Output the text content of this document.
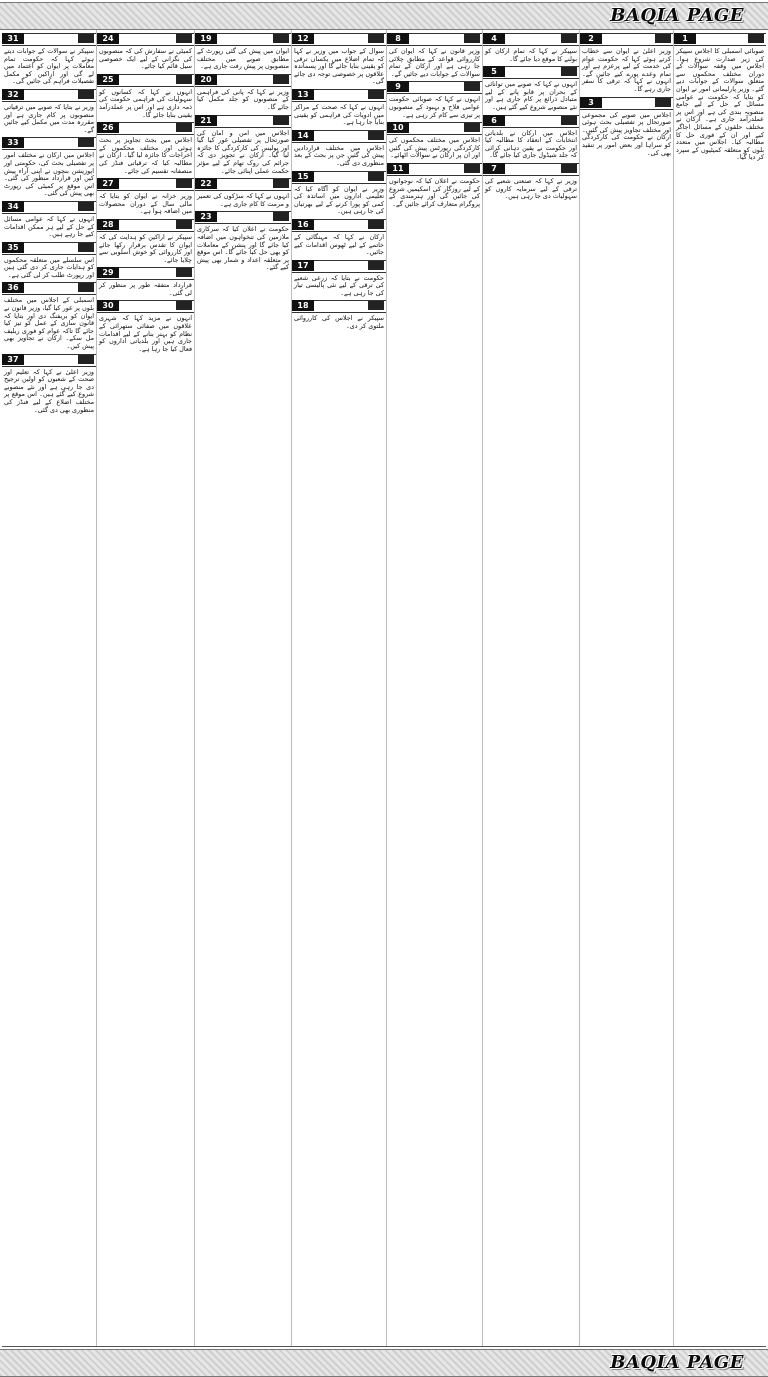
BAQIA PAGE
31
سپیکر نے سوالات کے جوابات دیتے ہوئے کہا کہ حکومت تمام معاملات پر ایوان کو اعتماد میں لے گی اور اراکین کو مکمل تفصیلات فراہم کی جائیں گی۔
32
وزیر نے بتایا کہ صوبے میں ترقیاتی منصوبوں پر کام جاری ہے اور مقررہ مدت میں مکمل کیے جائیں گے۔
33
اجلاس میں ارکان نے مختلف امور پر تفصیلی بحث کی، حکومتی اور اپوزیشن بنچوں نے اپنی آراء پیش کیں اور قرارداد منظور کی گئی۔ اس موقع پر کمیٹی کی رپورٹ بھی پیش کی گئی۔
34
انہوں نے کہا کہ عوامی مسائل کے حل کے لیے ہر ممکن اقدامات کیے جا رہے ہیں۔
35
اس سلسلے میں متعلقہ محکموں کو ہدایات جاری کر دی گئی ہیں اور رپورٹ طلب کر لی گئی ہے۔
36
اسمبلی کے اجلاس میں مختلف بلوں پر غور کیا گیا، وزیر قانون نے ایوان کو بریفنگ دی اور بتایا کہ قانون سازی کے عمل کو تیز کیا جائے گا تاکہ عوام کو فوری ریلیف مل سکے۔ ارکان نے تجاویز بھی پیش کیں۔
37
وزیر اعلیٰ نے کہا کہ تعلیم اور صحت کے شعبوں کو اولین ترجیح دی جا رہی ہے اور نئے منصوبے شروع کیے گئے ہیں۔ اس موقع پر مختلف اضلاع کے لیے فنڈز کی منظوری بھی دی گئی۔
24
کمیٹی نے سفارش کی کہ منصوبوں کی نگرانی کے لیے ایک خصوصی سیل قائم کیا جائے۔
25
انہوں نے کہا کہ کسانوں کو سہولیات کی فراہمی حکومت کی ذمہ داری ہے اور اس پر عملدرآمد یقینی بنایا جائے گا۔
26
اجلاس میں بجٹ تجاویز پر بحث ہوئی اور مختلف محکموں کے اخراجات کا جائزہ لیا گیا۔ ارکان نے مطالبہ کیا کہ ترقیاتی فنڈز کی منصفانہ تقسیم کی جائے۔
27
وزیر خزانہ نے ایوان کو بتایا کہ مالی سال کے دوران محصولات میں اضافہ ہوا ہے۔
28
سپیکر نے اراکین کو ہدایت کی کہ ایوان کا تقدس برقرار رکھا جائے اور کارروائی کو خوش اسلوبی سے چلایا جائے۔
29
قرارداد متفقہ طور پر منظور کر لی گئی۔
30
انہوں نے مزید کہا کہ شہری علاقوں میں صفائی ستھرائی کے نظام کو بہتر بنانے کے لیے اقدامات جاری ہیں اور بلدیاتی اداروں کو فعال کیا جا رہا ہے۔
19
ایوان میں پیش کی گئی رپورٹ کے مطابق صوبے میں مختلف منصوبوں پر پیش رفت جاری ہے۔
20
وزیر نے کہا کہ پانی کی فراہمی کے منصوبوں کو جلد مکمل کیا جائے گا۔
21
اجلاس میں امن و امان کی صورتحال پر تفصیلی غور کیا گیا اور پولیس کی کارکردگی کا جائزہ لیا گیا۔ ارکان نے تجویز دی کہ جرائم کی روک تھام کے لیے مؤثر حکمت عملی اپنائی جائے۔
22
انہوں نے کہا کہ سڑکوں کی تعمیر و مرمت کا کام جاری ہے۔
23
حکومت نے اعلان کیا کہ سرکاری ملازمین کی تنخواہوں میں اضافہ کیا جائے گا اور پنشن کے معاملات کو بھی حل کیا جائے گا۔ اس موقع پر متعلقہ اعداد و شمار بھی پیش کیے گئے۔
12
سوال کے جواب میں وزیر نے کہا کہ تمام اضلاع میں یکساں ترقی کو یقینی بنایا جائے گا اور پسماندہ علاقوں پر خصوصی توجہ دی جائے گی۔
13
انہوں نے کہا کہ صحت کے مراکز میں ادویات کی فراہمی کو یقینی بنایا جا رہا ہے۔
14
اجلاس میں مختلف قراردادیں پیش کی گئیں جن پر بحث کے بعد منظوری دی گئی۔
15
وزیر نے ایوان کو آگاہ کیا کہ تعلیمی اداروں میں اساتذہ کی کمی کو پورا کرنے کے لیے بھرتیاں کی جا رہی ہیں۔
16
ارکان نے کہا کہ مہنگائی کے خاتمے کے لیے ٹھوس اقدامات کیے جائیں۔
17
حکومت نے بتایا کہ زرعی شعبے کی ترقی کے لیے نئی پالیسی تیار کی جا رہی ہے۔
18
سپیکر نے اجلاس کی کارروائی ملتوی کر دی۔
8
وزیر قانون نے کہا کہ ایوان کی کارروائی قواعد کے مطابق چلائی جا رہی ہے اور ارکان کے تمام سوالات کے جوابات دیے جائیں گے۔
9
انہوں نے کہا کہ صوبائی حکومت عوامی فلاح و بہبود کے منصوبوں پر تیزی سے کام کر رہی ہے۔
10
اجلاس میں مختلف محکموں کی کارکردگی رپورٹس پیش کی گئیں اور ان پر ارکان نے سوالات اٹھائے۔
11
حکومت نے اعلان کیا کہ نوجوانوں کے لیے روزگار کی اسکیمیں شروع کی جائیں گی اور ہنرمندی کے پروگرام متعارف کرائے جائیں گے۔
4
سپیکر نے کہا کہ تمام ارکان کو بولنے کا موقع دیا جائے گا۔
5
انہوں نے کہا کہ صوبے میں توانائی کے بحران پر قابو پانے کے لیے متبادل ذرائع پر کام جاری ہے اور نئے منصوبے شروع کیے گئے ہیں۔
6
اجلاس میں ارکان نے بلدیاتی انتخابات کے انعقاد کا مطالبہ کیا اور حکومت نے یقین دہانی کرائی کہ جلد شیڈول جاری کیا جائے گا۔
7
وزیر نے کہا کہ صنعتی شعبے کی ترقی کے لیے سرمایہ کاروں کو سہولیات دی جا رہی ہیں۔
2
وزیر اعلیٰ نے ایوان سے خطاب کرتے ہوئے کہا کہ حکومت عوام کی خدمت کے لیے پرعزم ہے اور تمام وعدے پورے کیے جائیں گے۔ انہوں نے کہا کہ ترقی کا سفر جاری رہے گا۔
3
اجلاس میں صوبے کی مجموعی صورتحال پر تفصیلی بحث ہوئی اور مختلف تجاویز پیش کی گئیں۔ ارکان نے حکومت کی کارکردگی کو سراہا اور بعض امور پر تنقید بھی کی۔
1
صوبائی اسمبلی کا اجلاس سپیکر کی زیر صدارت شروع ہوا۔ اجلاس میں وقفہ سوالات کے دوران مختلف محکموں سے متعلق سوالات کے جوابات دیے گئے۔ وزیر پارلیمانی امور نے ایوان کو بتایا کہ حکومت نے عوامی مسائل کے حل کے لیے جامع منصوبہ بندی کی ہے اور اس پر عملدرآمد جاری ہے۔ ارکان نے مختلف حلقوں کے مسائل اجاگر کیے اور ان کے فوری حل کا مطالبہ کیا۔ اجلاس میں متعدد بلوں کو متعلقہ کمیٹیوں کے سپرد کر دیا گیا۔
BAQIA PAGE
